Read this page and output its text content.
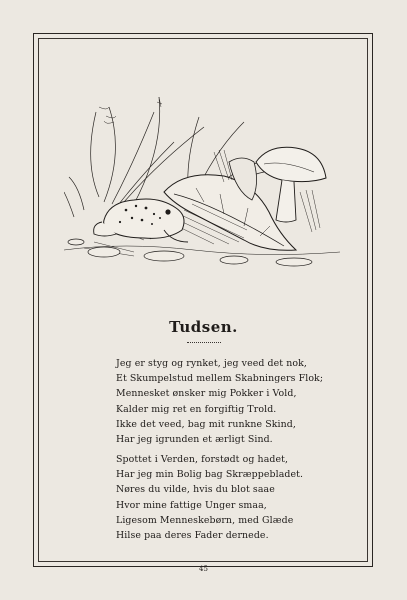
Tudsen.
Jeg er styg og rynket, jeg veed det nok,
Et Skumpelstud mellem Skabningers Flok;
Mennesket ønsker mig Pokker i Vold,
Kalder mig ret en forgiftig Trold.
Ikke det veed, bag mit runkne Skind,
Har jeg igrunden et ærligt Sind.
Spottet i Verden, forstødt og hadet,
Har jeg min Bolig bag Skræppebladet.
Nøres du vilde, hvis du blot saae
Hvor mine fattige Unger smaa,
Ligesom Menneskebørn, med Glæde
Hilse paa deres Fader dernede.
45
